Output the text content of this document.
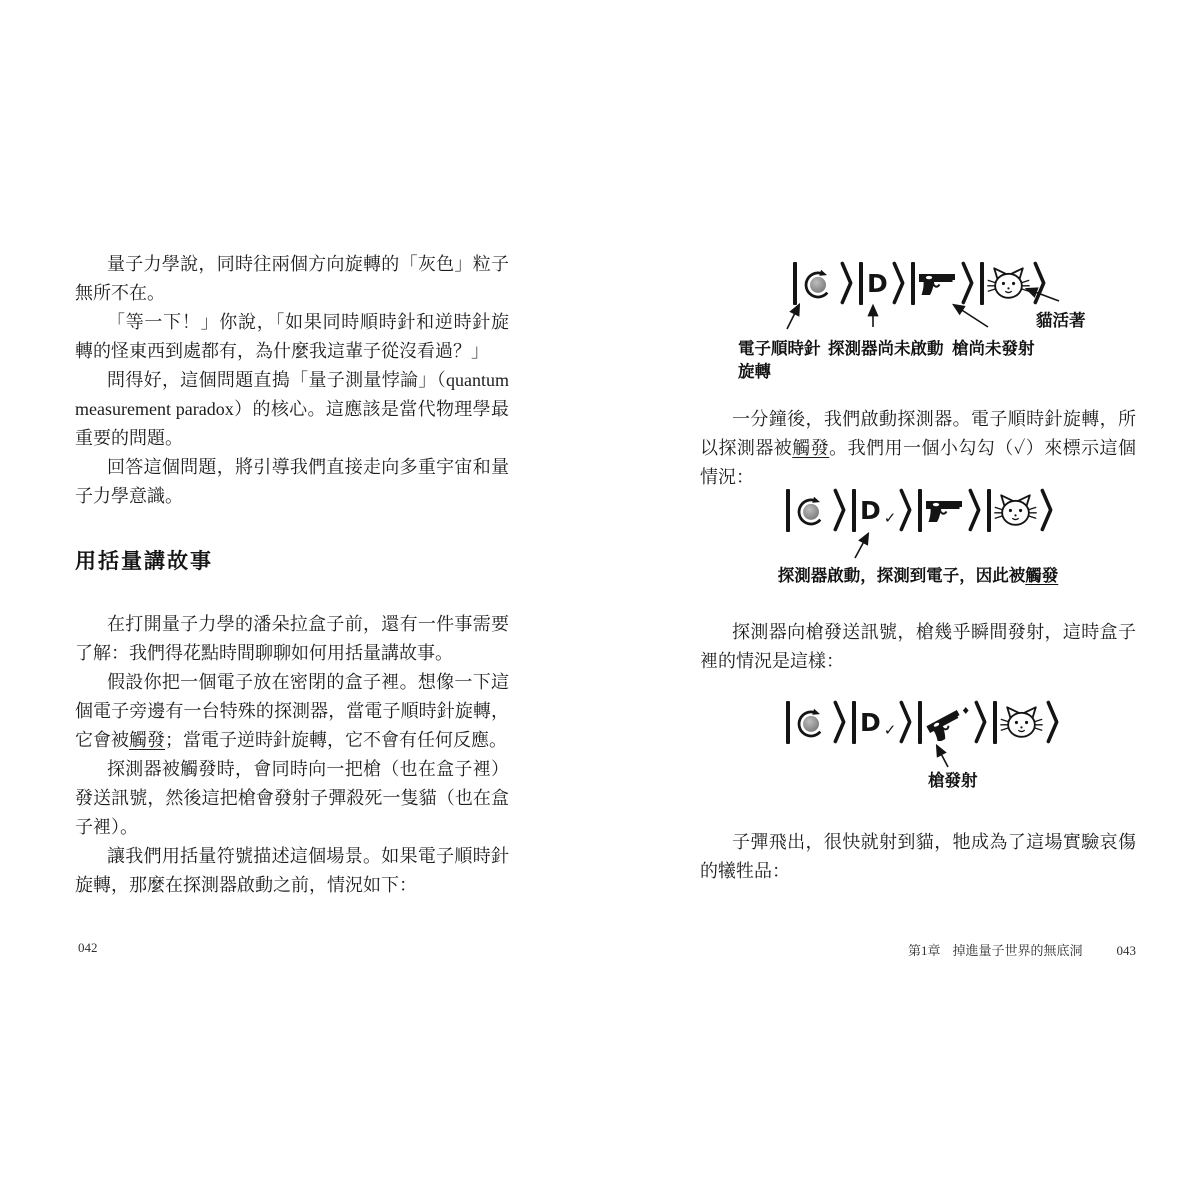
量子力學說，同時往兩個方向旋轉的「灰色」粒子無所不在。

「等一下！」你說，「如果同時順時針和逆時針旋轉的怪東西到處都有，為什麼我這輩子從沒看過？」

問得好，這個問題直搗「量子測量悖論」（quantum measurement paradox）的核心。這應該是當代物理學最重要的問題。

回答這個問題，將引導我們直接走向多重宇宙和量子力學意識。

用括量講故事

在打開量子力學的潘朵拉盒子前，還有一件事需要了解：我們得花點時間聊聊如何用括量講故事。

假設你把一個電子放在密閉的盒子裡。想像一下這個電子旁邊有一台特殊的探測器，當電子順時針旋轉，它會被觸發；當電子逆時針旋轉，它不會有任何反應。

探測器被觸發時，會同時向一把槍（也在盒子裡）發送訊號，然後這把槍會發射子彈殺死一隻貓（也在盒子裡）。

讓我們用括量符號描述這個場景。如果電子順時針旋轉，那麼在探測器啟動之前，情況如下：

042
D
電子順時針
旋轉
探測器尚未啟動 槍尚未發射
貓活著

一分鐘後，我們啟動探測器。電子順時針旋轉，所以探測器被觸發。我們用一個小勾勾（✓）來標示這個情況：

D ✓
探測器啟動，探測到電子，因此被觸發

探測器向槍發送訊號，槍幾乎瞬間發射，這時盒子裡的情況是這樣：

D ✓
槍發射

子彈飛出，很快就射到貓，牠成為了這場實驗哀傷的犧牲品：

第1章 掉進量子世界的無底洞	043
